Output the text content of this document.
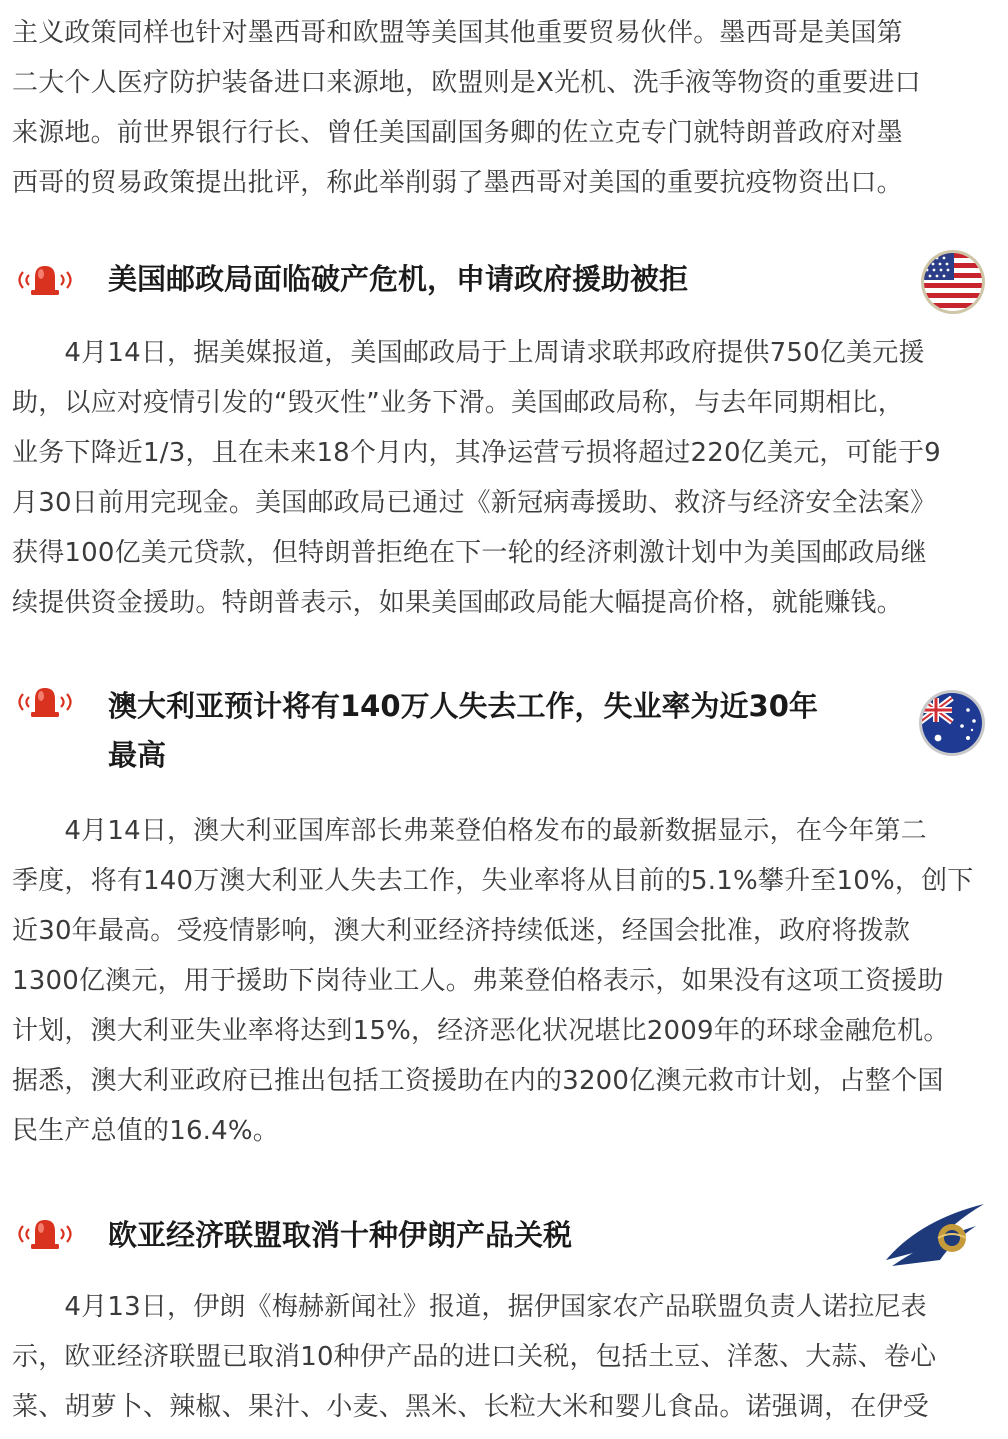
主义政策同样也针对墨西哥和欧盟等美国其他重要贸易伙伴。墨西哥是美国第
二大个人医疗防护装备进口来源地，欧盟则是X光机、洗手液等物资的重要进口
来源地。前世界银行行长、曾任美国副国务卿的佐立克专门就特朗普政府对墨
西哥的贸易政策提出批评，称此举削弱了墨西哥对美国的重要抗疫物资出口。
美国邮政局面临破产危机，申请政府援助被拒
　　4月14日，据美媒报道，美国邮政局于上周请求联邦政府提供750亿美元援
助，以应对疫情引发的“毁灭性”业务下滑。美国邮政局称，与去年同期相比，
业务下降近1/3，且在未来18个月内，其净运营亏损将超过220亿美元，可能于9
月30日前用完现金。美国邮政局已通过《新冠病毒援助、救济与经济安全法案》
获得100亿美元贷款，但特朗普拒绝在下一轮的经济刺激计划中为美国邮政局继
续提供资金援助。特朗普表示，如果美国邮政局能大幅提高价格，就能赚钱。
澳大利亚预计将有140万人失去工作，失业率为近30年
最高
　　4月14日，澳大利亚国库部长弗莱登伯格发布的最新数据显示，在今年第二
季度，将有140万澳大利亚人失去工作，失业率将从目前的5.1%攀升至10%，创下
近30年最高。受疫情影响，澳大利亚经济持续低迷，经国会批准，政府将拨款
1300亿澳元，用于援助下岗待业工人。弗莱登伯格表示，如果没有这项工资援助
计划，澳大利亚失业率将达到15%，经济恶化状况堪比2009年的环球金融危机。
据悉，澳大利亚政府已推出包括工资援助在内的3200亿澳元救市计划，占整个国
民生产总值的16.4%。
欧亚经济联盟取消十种伊朗产品关税
　　4月13日，伊朗《梅赫新闻社》报道，据伊国家农产品联盟负责人诺拉尼表
示，欧亚经济联盟已取消10种伊产品的进口关税，包括土豆、洋葱、大蒜、卷心
菜、胡萝卜、辣椒、果汁、小麦、黑米、长粒大米和婴儿食品。诺强调，在伊受
